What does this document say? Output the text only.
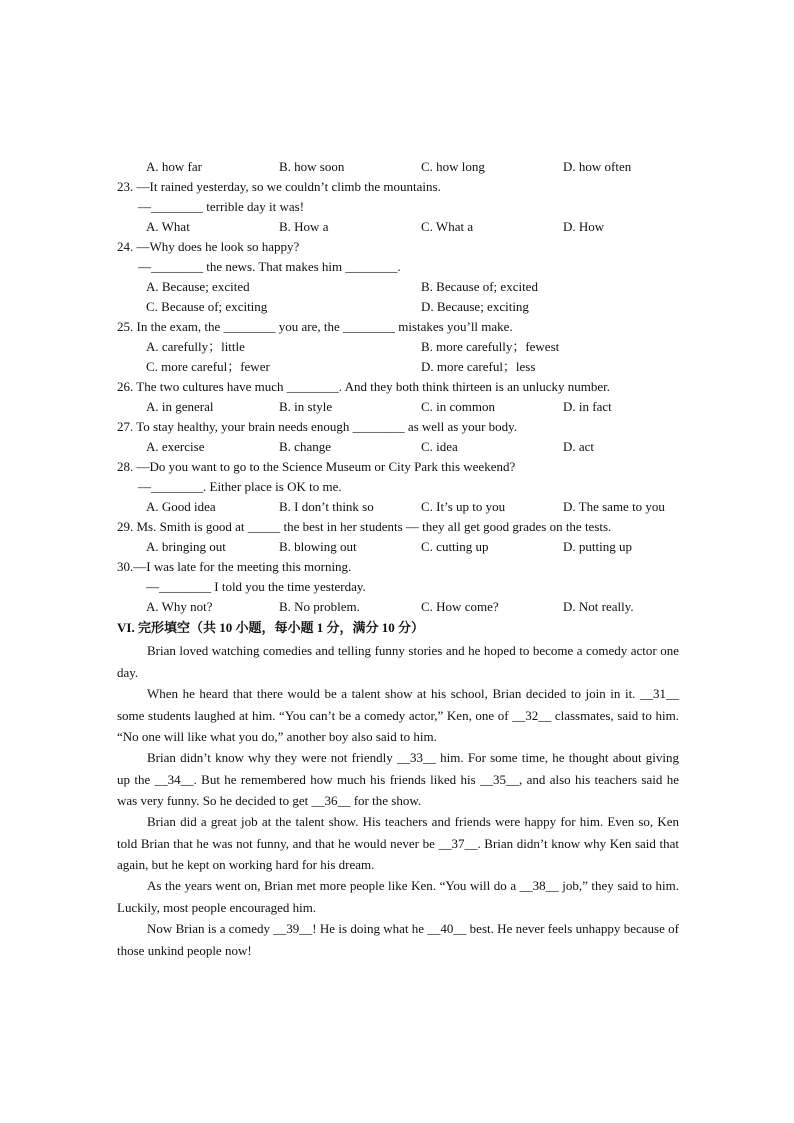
A. how far	B. how soon	C. how long	D. how often
23. —It rained yesterday, so we couldn’t climb the mountains.
—________ terrible day it was!
A. What	B. How a	C. What a	D. How
24. —Why does he look so happy?
—________ the news. That makes him ________.
A. Because; excited	B. Because of; excited
C. Because of; exciting	D. Because; exciting
25. In the exam, the ________ you are, the ________ mistakes you’ll make.
A. carefully；little	B. more carefully；fewest
C. more careful；fewer	D. more careful；less
26. The two cultures have much ________. And they both think thirteen is an unlucky number.
A. in general	B. in style	C. in common	D. in fact
27. To stay healthy, your brain needs enough ________ as well as your body.
A. exercise	B. change	C. idea	D. act
28. —Do you want to go to the Science Museum or City Park this weekend?
—________. Either place is OK to me.
A. Good idea	B. I don’t think so	C. It’s up to you	D. The same to you
29. Ms. Smith is good at _____ the best in her students — they all get good grades on the tests.
A. bringing out	B. blowing out	C. cutting up	D. putting up
30.—I was late for the meeting this morning.
—________ I told you the time yesterday.
A. Why not?	B. No problem.	C. How come?	D. Not really.
VI. 完形填空（共 10 小题，每小题 1 分，满分 10 分）
Brian loved watching comedies and telling funny stories and he hoped to become a comedy actor one day.
When he heard that there would be a talent show at his school, Brian decided to join in it. __31__ some students laughed at him. “You can’t be a comedy actor,” Ken, one of __32__ classmates, said to him. “No one will like what you do,” another boy also said to him.
Brian didn’t know why they were not friendly __33__ him. For some time, he thought about giving up the __34__. But he remembered how much his friends liked his __35__, and also his teachers said he was very funny. So he decided to get __36__ for the show.
Brian did a great job at the talent show. His teachers and friends were happy for him. Even so, Ken told Brian that he was not funny, and that he would never be __37__. Brian didn’t know why Ken said that again, but he kept on working hard for his dream.
As the years went on, Brian met more people like Ken. “You will do a __38__ job,” they said to him. Luckily, most people encouraged him.
Now Brian is a comedy __39__! He is doing what he __40__ best. He never feels unhappy because of those unkind people now!
